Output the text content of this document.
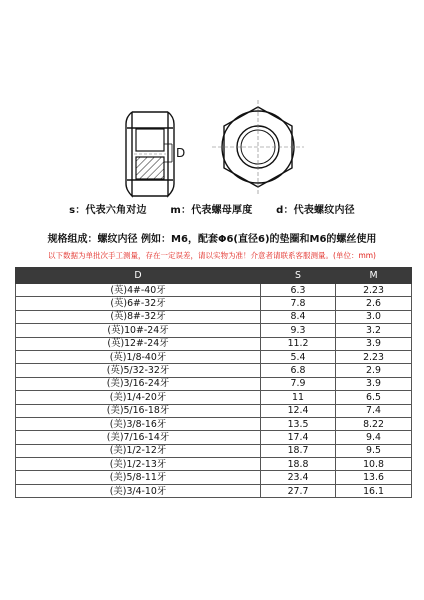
D
s：代表六角对边 m：代表螺母厚度 d：代表螺纹内径
规格组成：螺纹内径 例如：M6，配套Φ6(直径6)的垫圈和M6的螺丝使用
以下数据为单批次手工测量，存在一定误差，请以实物为准！介意者请联系客服测量。(单位：mm)
D	S	M
(英)4#-40牙	6.3	2.23
(英)6#-32牙	7.8	2.6
(英)8#-32牙	8.4	3.0
(英)10#-24牙	9.3	3.2
(英)12#-24牙	11.2	3.9
(英)1/8-40牙	5.4	2.23
(英)5/32-32牙	6.8	2.9
(美)3/16-24牙	7.9	3.9
(美)1/4-20牙	11	6.5
(美)5/16-18牙	12.4	7.4
(美)3/8-16牙	13.5	8.22
(美)7/16-14牙	17.4	9.4
(美)1/2-12牙	18.7	9.5
(美)1/2-13牙	18.8	10.8
(美)5/8-11牙	23.4	13.6
(美)3/4-10牙	27.7	16.1
